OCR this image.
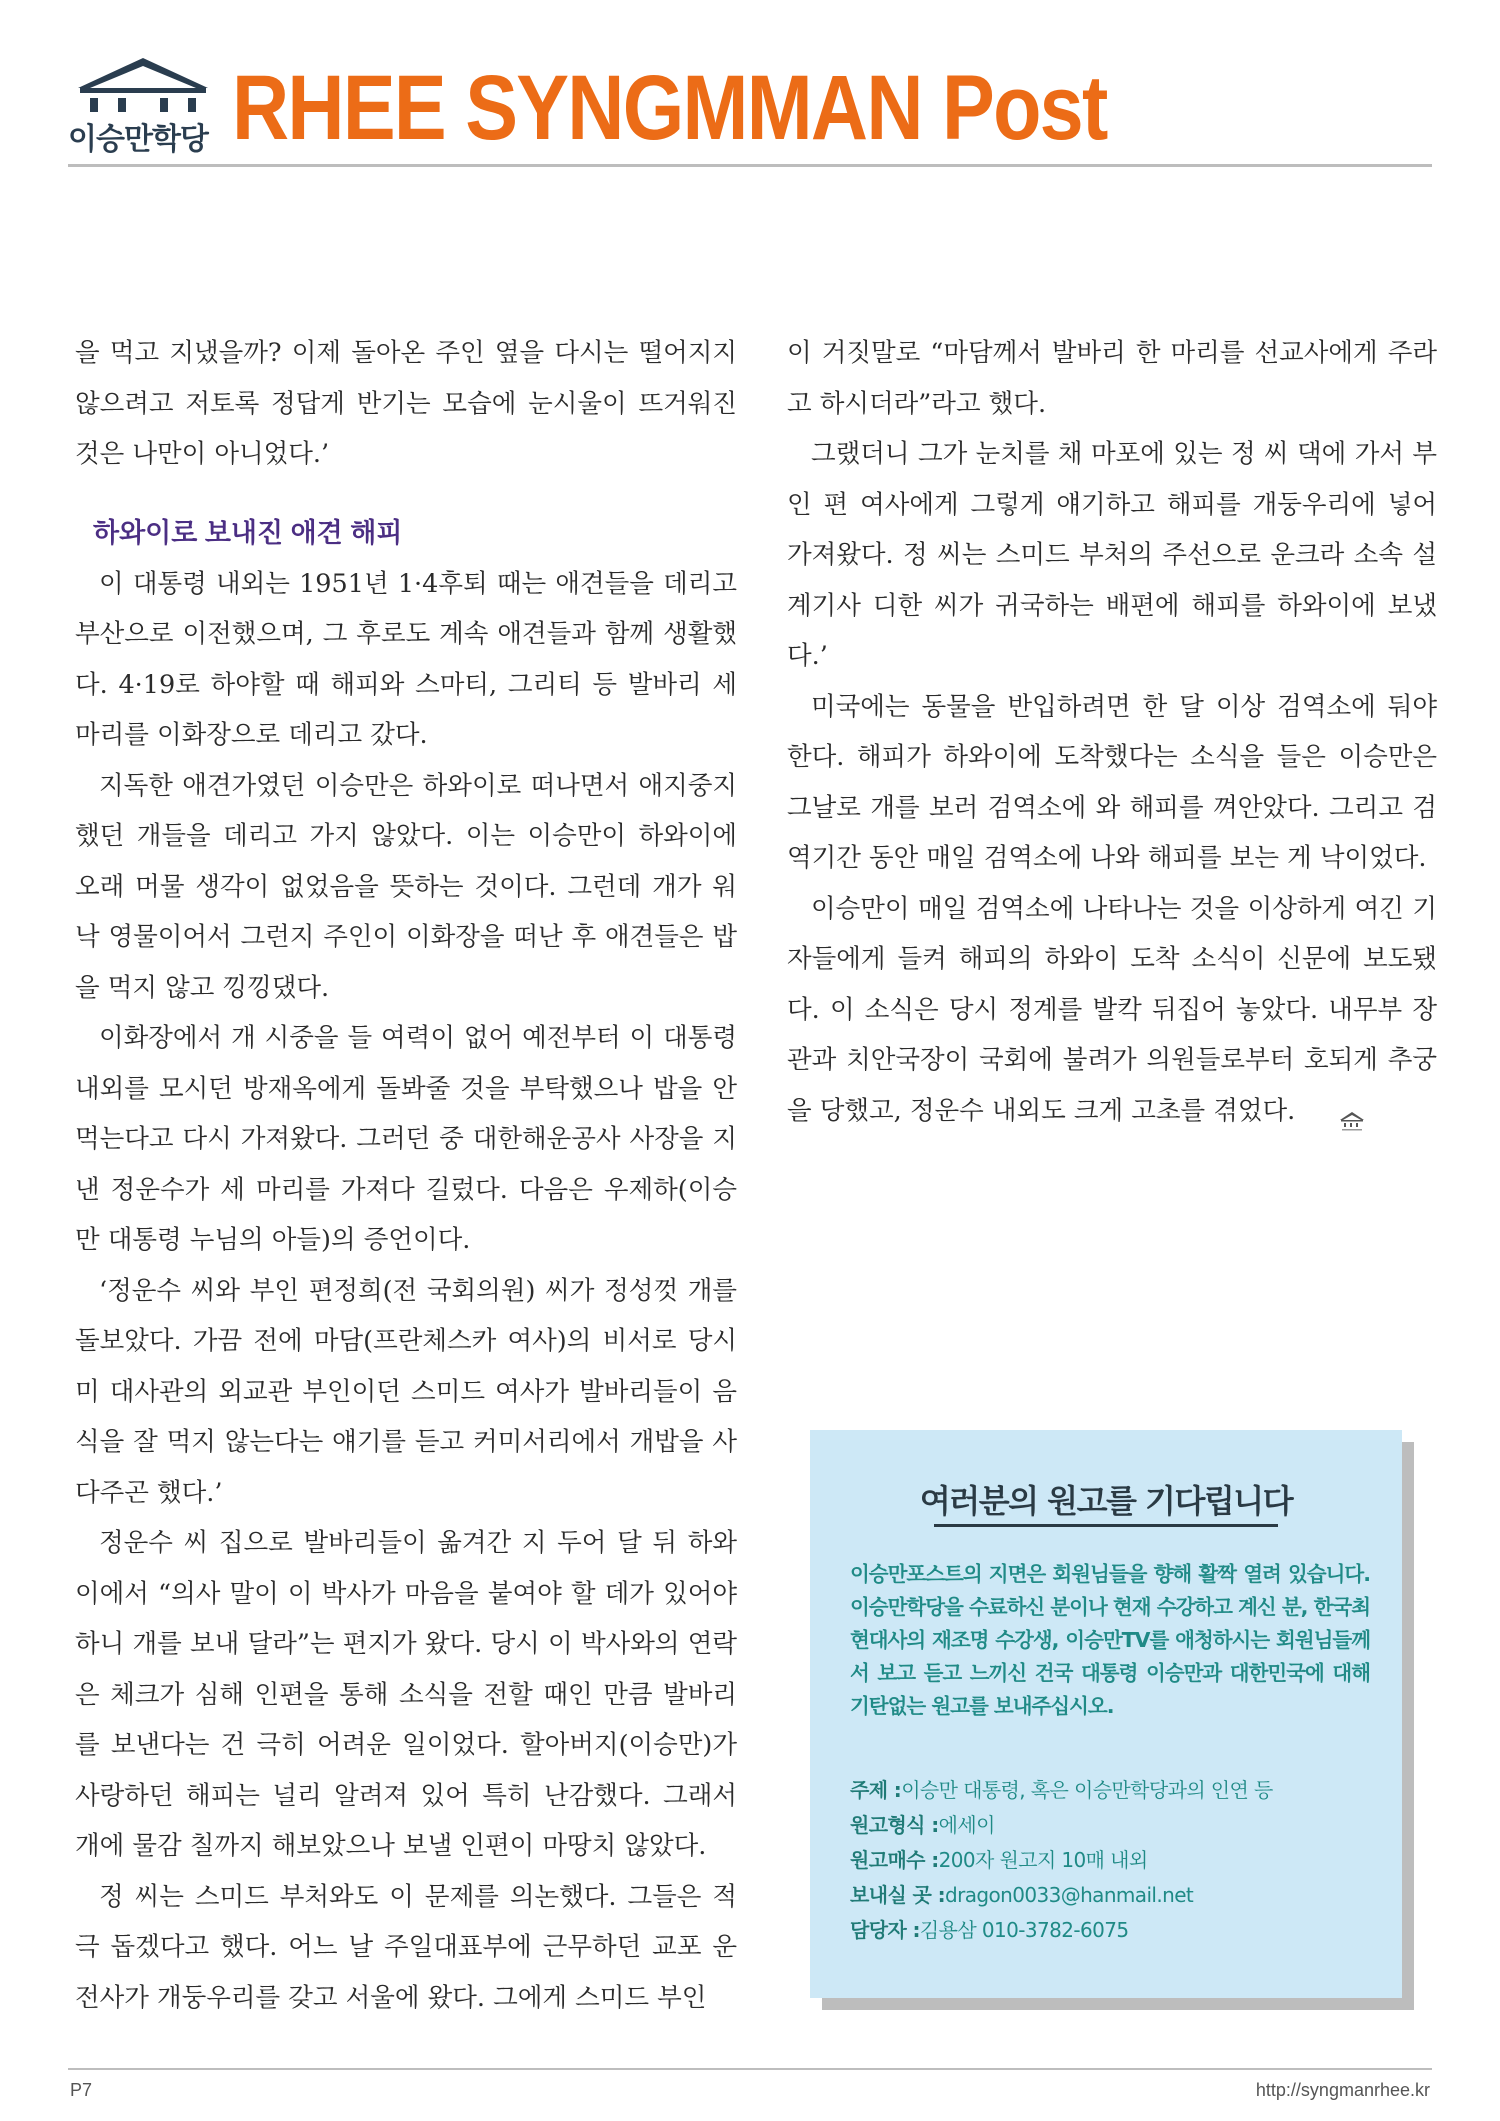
이승만학당 RHEE SYNGMMAN Post

을 먹고 지냈을까? 이제 돌아온 주인 옆을 다시는 떨어지지 않으려고 저토록 정답게 반기는 모습에 눈시울이 뜨거워진 것은 나만이 아니었다.’

하와이로 보내진 애견 해피

이 대통령 내외는 1951년 1·4후퇴 때는 애견들을 데리고 부산으로 이전했으며, 그 후로도 계속 애견들과 함께 생활했다. 4·19로 하야할 때 해피와 스마티, 그리티 등 발바리 세 마리를 이화장으로 데리고 갔다.

지독한 애견가였던 이승만은 하와이로 떠나면서 애지중지했던 개들을 데리고 가지 않았다. 이는 이승만이 하와이에 오래 머물 생각이 없었음을 뜻하는 것이다. 그런데 개가 워낙 영물이어서 그런지 주인이 이화장을 떠난 후 애견들은 밥을 먹지 않고 낑낑댔다.

이화장에서 개 시중을 들 여력이 없어 예전부터 이 대통령 내외를 모시던 방재옥에게 돌봐줄 것을 부탁했으나 밥을 안 먹는다고 다시 가져왔다. 그러던 중 대한해운공사 사장을 지낸 정운수가 세 마리를 가져다 길렀다. 다음은 우제하(이승만 대통령 누님의 아들)의 증언이다.

‘정운수 씨와 부인 편정희(전 국회의원) 씨가 정성껏 개를 돌보았다. 가끔 전에 마담(프란체스카 여사)의 비서로 당시 미 대사관의 외교관 부인이던 스미드 여사가 발바리들이 음식을 잘 먹지 않는다는 얘기를 듣고 커미서리에서 개밥을 사다주곤 했다.’

정운수 씨 집으로 발바리들이 옮겨간 지 두어 달 뒤 하와이에서 “의사 말이 이 박사가 마음을 붙여야 할 데가 있어야 하니 개를 보내 달라”는 편지가 왔다. 당시 이 박사와의 연락은 체크가 심해 인편을 통해 소식을 전할 때인 만큼 발바리를 보낸다는 건 극히 어려운 일이었다. 할아버지(이승만)가 사랑하던 해피는 널리 알려져 있어 특히 난감했다. 그래서 개에 물감 칠까지 해보았으나 보낼 인편이 마땅치 않았다.

정 씨는 스미드 부처와도 이 문제를 의논했다. 그들은 적극 돕겠다고 했다. 어느 날 주일대표부에 근무하던 교포 운전사가 개둥우리를 갖고 서울에 왔다. 그에게 스미드 부인

이 거짓말로 “마담께서 발바리 한 마리를 선교사에게 주라고 하시더라”라고 했다.

그랬더니 그가 눈치를 채 마포에 있는 정 씨 댁에 가서 부인 편 여사에게 그렇게 얘기하고 해피를 개둥우리에 넣어 가져왔다. 정 씨는 스미드 부처의 주선으로 운크라 소속 설계기사 디한 씨가 귀국하는 배편에 해피를 하와이에 보냈다.’

미국에는 동물을 반입하려면 한 달 이상 검역소에 둬야 한다. 해피가 하와이에 도착했다는 소식을 들은 이승만은 그날로 개를 보러 검역소에 와 해피를 껴안았다. 그리고 검역기간 동안 매일 검역소에 나와 해피를 보는 게 낙이었다.

이승만이 매일 검역소에 나타나는 것을 이상하게 여긴 기자들에게 들켜 해피의 하와이 도착 소식이 신문에 보도됐다. 이 소식은 당시 정계를 발칵 뒤집어 놓았다. 내무부 장관과 치안국장이 국회에 불려가 의원들로부터 호되게 추궁을 당했고, 정운수 내외도 크게 고초를 겪었다.

여러분의 원고를 기다립니다
이승만포스트의 지면은 회원님들을 향해 활짝 열려 있습니다. 이승만학당을 수료하신 분이나 현재 수강하고 계신 분, 한국최현대사의 재조명 수강생, 이승만TV를 애청하시는 회원님들께서 보고 듣고 느끼신 건국 대통령 이승만과 대한민국에 대해 기탄없는 원고를 보내주십시오.
주제 :이승만 대통령, 혹은 이승만학당과의 인연 등
원고형식 :에세이
원고매수 :200자 원고지 10매 내외
보내실 곳 :dragon0033@hanmail.net
담당자 :김용삼 010-3782-6075
P7	http://syngmanrhee.kr
